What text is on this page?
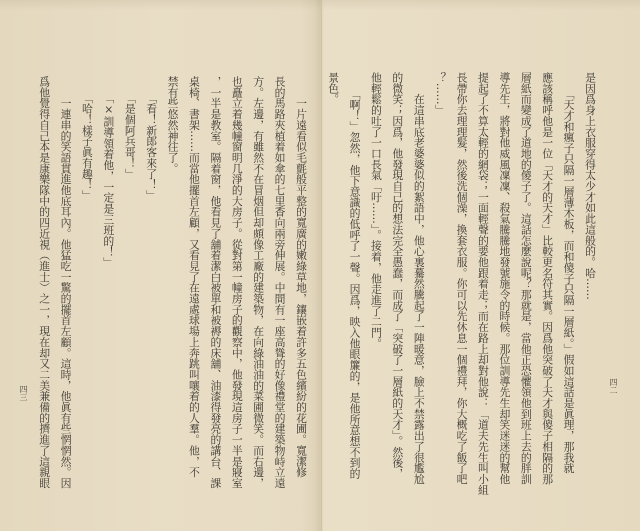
是因爲身上衣服穿得太少才如此這般的。哈……
　　「天才和瘋子只隔一層薄木板，而和傻子只隔一層紙。」假如這話是眞理，那我就
應該稱呼他是一位「天才的天才」比較更名符其實。因爲他突破了天才與傻子相隔的那
層紙而變成了道地的傻子了。這話怎麼說呢？那就是，當他正恐懼領他到班上去的胖訓
導先生，將對他威風凜凜、殺氣騰騰地發號施令的時候。那位訓導先生却笑迷迷的幫他
提起了不算太輕的網袋；一面輕聲的要他跟着走；而在路上却對他說：「道夫先生叫小組
長帶你去理理髮，然後洗個澡，換套衣服。你可以先休息一個禮拜，你大概吃了飯了吧
？……」
　　在這串底老婆婆似的絮語中，他心裏驀然騰起了一陣暖意，臉上不禁露出了很尷尬
的微笑；因爲，他發現自己的想法完全愚蠢，而成了「突破了一層紙的天才」。然後，
他輕鬆的吐了一口長氣「吁……」。接着，他走進了二門。
　　「啊！」忽然，他下意識的低呼了一聲。因爲，映入他眼簾的，是他所意想不到的
景色。
四二
　　一片遠看似毛氈般平整的寬廣的嫩綠草地，鑲嵌着許多五色繽紛的花圃。寬潔修
長的馬路夾植着如傘的七里香向兩旁伸展。中間有一座高聳的好像禮堂的建築物峙立遠
方。左邊，有雖然不在冒烟但却頗像工廠的建築物，在向綠油油的菜圃微笑。而右邊，
也矗立着幾幢窗明几淨的大房子。從對第一幢房子的觀察中，他發現這房子一半是寢室
，一半是教室。隔着窗，他看見了舖着潔白被單和被褥的床舖、油漆得發亮的講台、課
桌椅、書架……而當他擺首左顧，又看見了在遠處球場上奔跳叫嚷着的人羣。他，不
禁有些悠然神往了。
　　「看！新郎客來了！」
　　「是個阿兵哥！」
　　「×訓導領着他，一定是三班的！」
　　「哈！樣子眞有趣！」
　　一連串的笑語貫進他底耳內。他猛吃一驚的擺首左顧。這時，他眞有些惘惘然。因
爲他覺得自己本是康樂隊中的四近視（進士）之一，現在却又二美兼備的擠進了這親眼
四三
